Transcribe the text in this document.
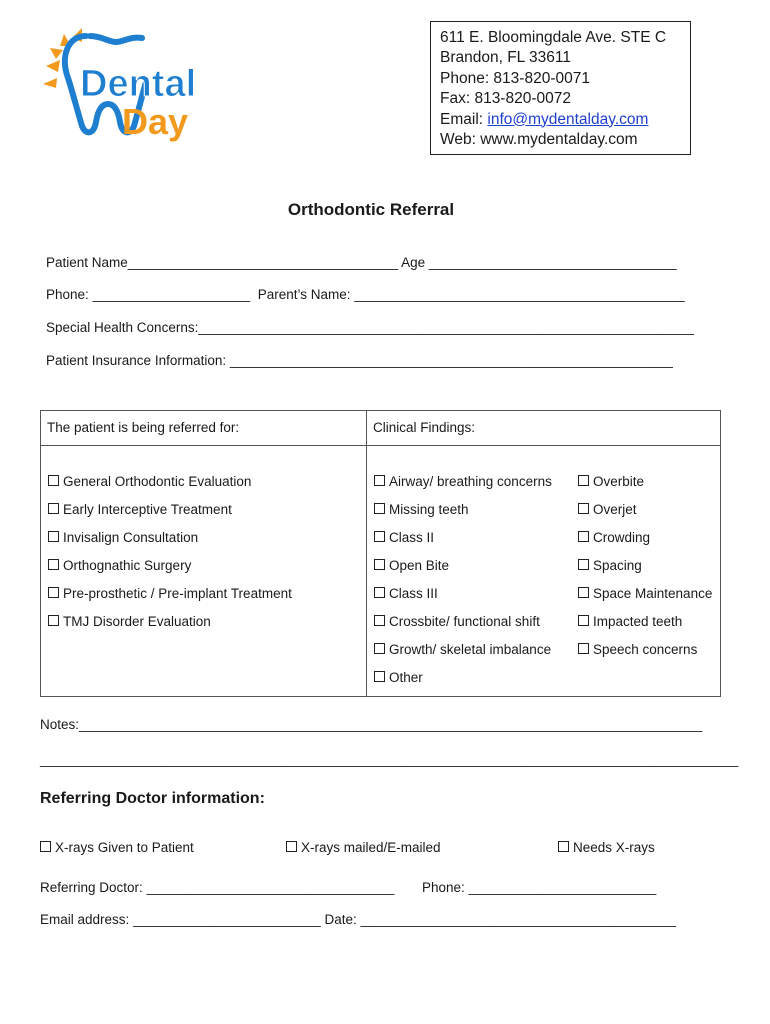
Dental
Day
611 E. Bloomingdale Ave. STE C
Brandon, FL 33611
Phone: 813-820-0071
Fax: 813-820-0072
Email: info@mydentalday.com
Web: www.mydentalday.com
Orthodontic Referral
Patient Name____________________________________ Age _________________________________
Phone: _____________________ Parent’s Name: ____________________________________________
Special Health Concerns:__________________________________________________________________
Patient Insurance Information: ___________________________________________________________
The patient is being referred for:	Clinical Findings:
General Orthodontic Evaluation
Early Interceptive Treatment
Invisalign Consultation
Orthognathic Surgery
Pre-prosthetic / Pre-implant Treatment
TMJ Disorder Evaluation
Airway/ breathing concerns
Missing teeth
Class II
Open Bite
Class III
Crossbite/ functional shift
Growth/ skeletal imbalance
Other
Overbite
Overjet
Crowding
Spacing
Space Maintenance
Impacted teeth
Speech concerns
Notes:___________________________________________________________________________________
_____________________________________________________________________________________________
Referring Doctor information:
X-rays Given to Patient	X-rays mailed/E-mailed	Needs X-rays
Referring Doctor: _________________________________ Phone: _________________________
Email address: _________________________ Date: __________________________________________
